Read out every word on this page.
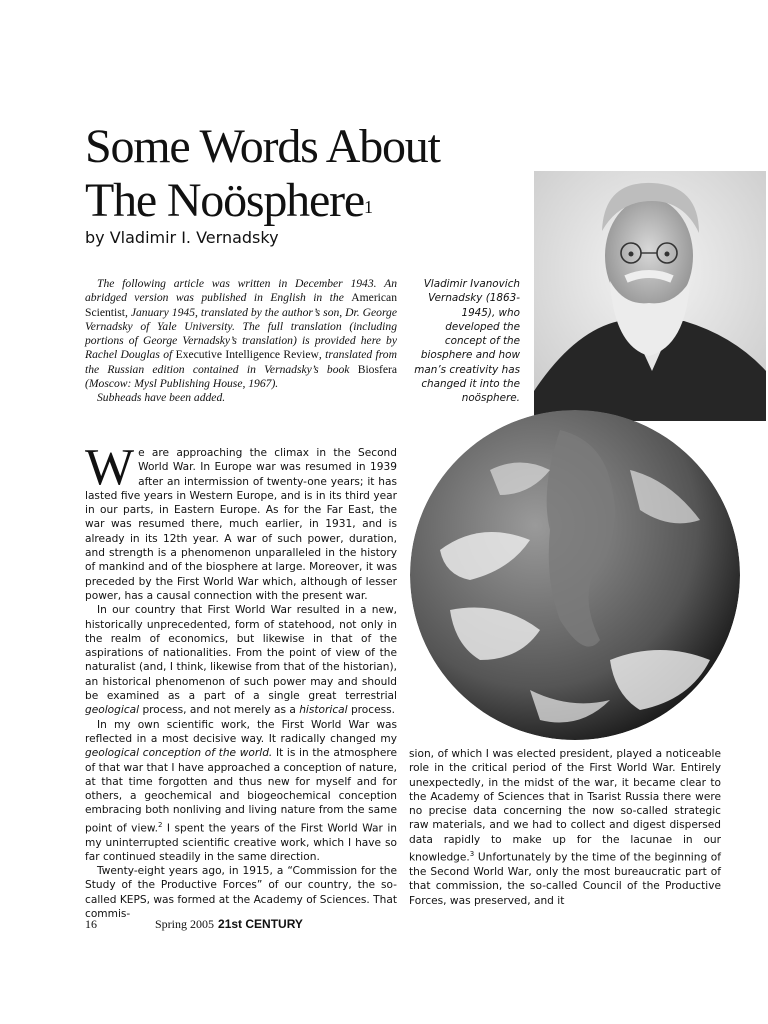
Some Words About
The Noösphere$^1$
by Vladimir I. Vernadsky

The following article was written in December 1943. An abridged version was published in English in the American Scientist, January 1945, translated by the author’s son, Dr. George Vernadsky of Yale University. The full translation (including portions of George Vernadsky’s translation) is provided here by Rachel Douglas of Executive Intelligence Review, translated from the Russian edition contained in Vernadsky’s book Biosfera (Moscow: Mysl Publishing House, 1967).

Subheads have been added.

Vladimir Ivanovich Vernadsky (1863-1945), who developed the concept of the biosphere and how man’s creativity has changed it into the noösphere.

We are approaching the climax in the Second World War. In Europe war was resumed in 1939 after an intermission of twenty-one years; it has lasted five years in Western Europe, and is in its third year in our parts, in Eastern Europe. As for the Far East, the war was resumed there, much earlier, in 1931, and is already in its 12th year. A war of such power, duration, and strength is a phenomenon unparalleled in the history of mankind and of the biosphere at large. Moreover, it was preceded by the First World War which, although of lesser power, has a causal connection with the present war.

In our country that First World War resulted in a new, historically unprecedented, form of statehood, not only in the realm of economics, but likewise in that of the aspirations of nationalities. From the point of view of the naturalist (and, I think, likewise from that of the historian), an historical phenomenon of such power may and should be examined as a part of a single great terrestrial geological process, and not merely as a historical process.

In my own scientific work, the First World War was reflected in a most decisive way. It radically changed my geological conception of the world. It is in the atmosphere of that war that I have approached a conception of nature, at that time forgotten and thus new for myself and for others, a geochemical and biogeochemical conception embracing both nonliving and living nature from the same point of view.$^2$ I spent the years of the First World War in my uninterrupted scientific creative work, which I have so far continued steadily in the same direction.

Twenty-eight years ago, in 1915, a “Commission for the Study of the Productive Forces” of our country, the so-called KEPS, was formed at the Academy of Sciences. That commis-

sion, of which I was elected president, played a noticeable role in the critical period of the First World War. Entirely unexpectedly, in the midst of the war, it became clear to the Academy of Sciences that in Tsarist Russia there were no precise data concerning the now so-called strategic raw materials, and we had to collect and digest dispersed data rapidly to make up for the lacunae in our knowledge.$^3$ Unfortunately by the time of the beginning of the Second World War, only the most bureaucratic part of that commission, the so-called Council of the Productive Forces, was preserved, and it

16	Spring 2005 21st CENTURY
